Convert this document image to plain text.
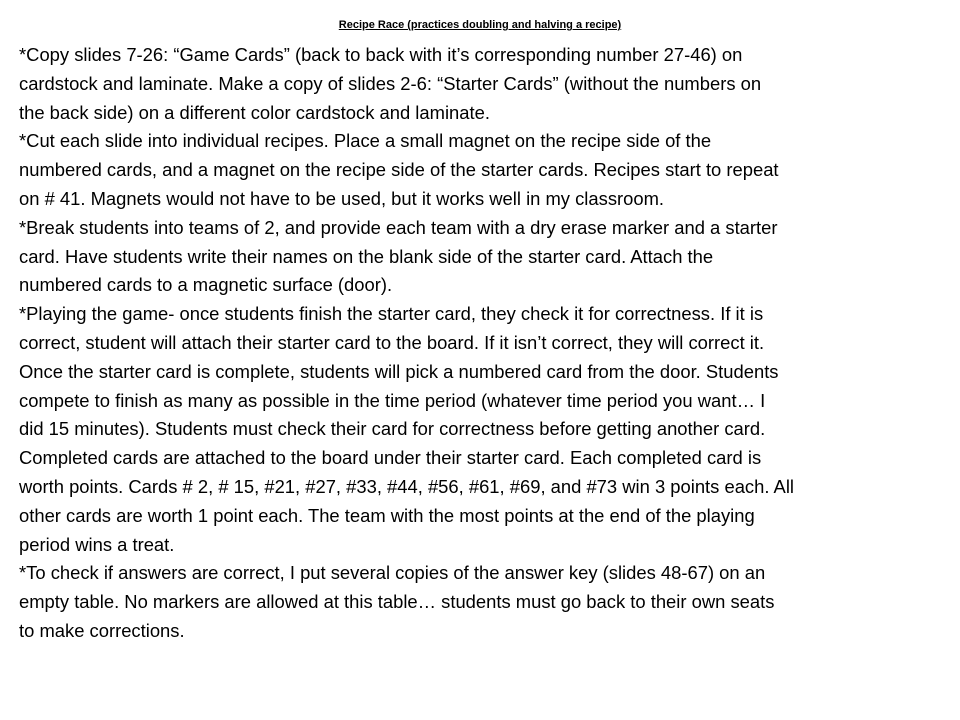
Recipe Race (practices doubling and halving a recipe)
*Copy slides 7-26: “Game Cards” (back to back with it’s corresponding number 27-46) on
cardstock and laminate. Make a copy of slides 2-6: “Starter Cards” (without the numbers on
the back side) on a different color cardstock and laminate.
*Cut each slide into individual recipes. Place a small magnet on the recipe side of the
numbered cards, and a magnet on the recipe side of the starter cards. Recipes start to repeat
on # 41. Magnets would not have to be used, but it works well in my classroom.
*Break students into teams of 2, and provide each team with a dry erase marker and a starter
card. Have students write their names on the blank side of the starter card. Attach the
numbered cards to a magnetic surface (door).
*Playing the game- once students finish the starter card, they check it for correctness. If it is
correct, student will attach their starter card to the board. If it isn’t correct, they will correct it.
Once the starter card is complete, students will pick a numbered card from the door. Students
compete to finish as many as possible in the time period (whatever time period you want… I
did 15 minutes). Students must check their card for correctness before getting another card.
Completed cards are attached to the board under their starter card. Each completed card is
worth points. Cards # 2, # 15, #21, #27, #33, #44, #56, #61, #69, and #73 win 3 points each. All
other cards are worth 1 point each. The team with the most points at the end of the playing
period wins a treat.
*To check if answers are correct, I put several copies of the answer key (slides 48-67) on an
empty table. No markers are allowed at this table… students must go back to their own seats
to make corrections.
